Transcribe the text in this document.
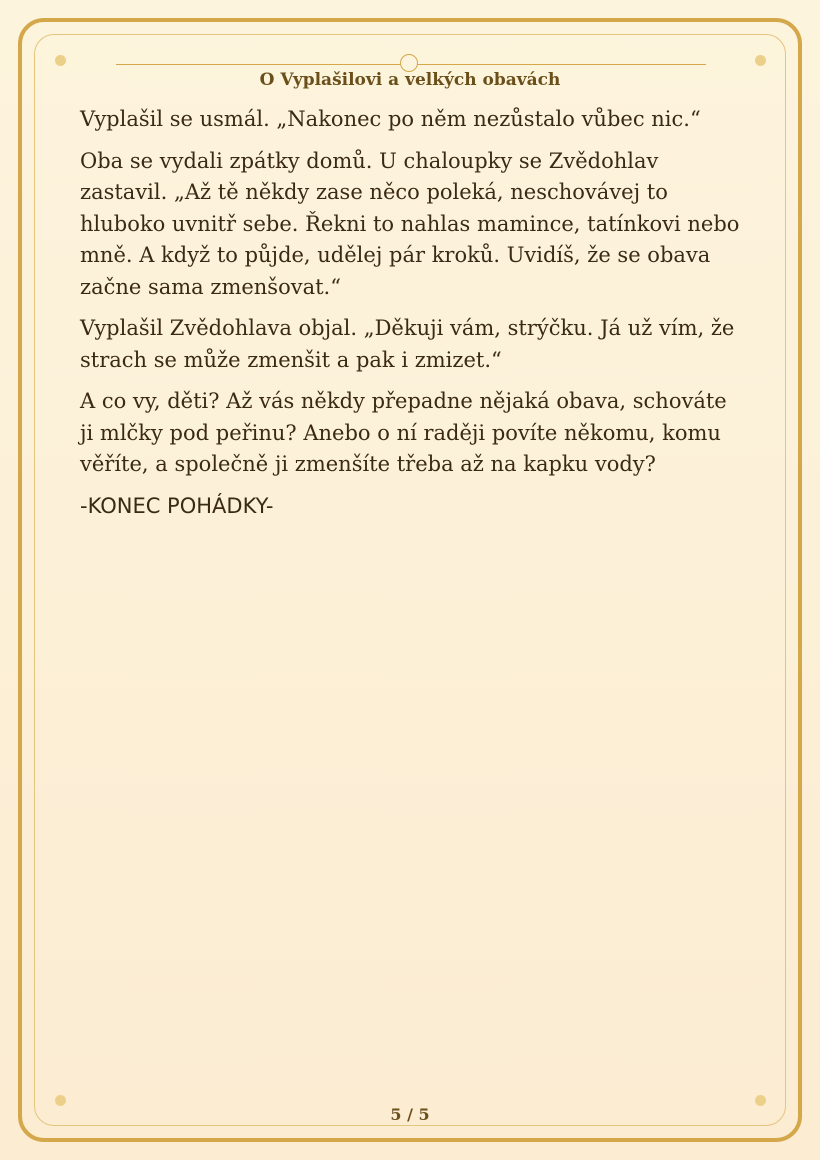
O Vyplašilovi a velkých obavách

Vyplašil se usmál. „Nakonec po něm nezůstalo vůbec nic.“

Oba se vydali zpátky domů. U chaloupky se Zvědohlav zastavil. „Až tě někdy zase něco poleká, neschovávej to hluboko uvnitř sebe. Řekni to nahlas mamince, tatínkovi nebo mně. A když to půjde, udělej pár kroků. Uvidíš, že se obava začne sama zmenšovat.“

Vyplašil Zvědohlava objal. „Děkuji vám, strýčku. Já už vím, že strach se může zmenšit a pak i zmizet.“

A co vy, děti? Až vás někdy přepadne nějaká obava, schováte ji mlčky pod peřinu? Anebo o ní raději povíte někomu, komu věříte, a společně ji zmenšíte třeba až na kapku vody?

-KONEC POHÁDKY-

5 / 5
